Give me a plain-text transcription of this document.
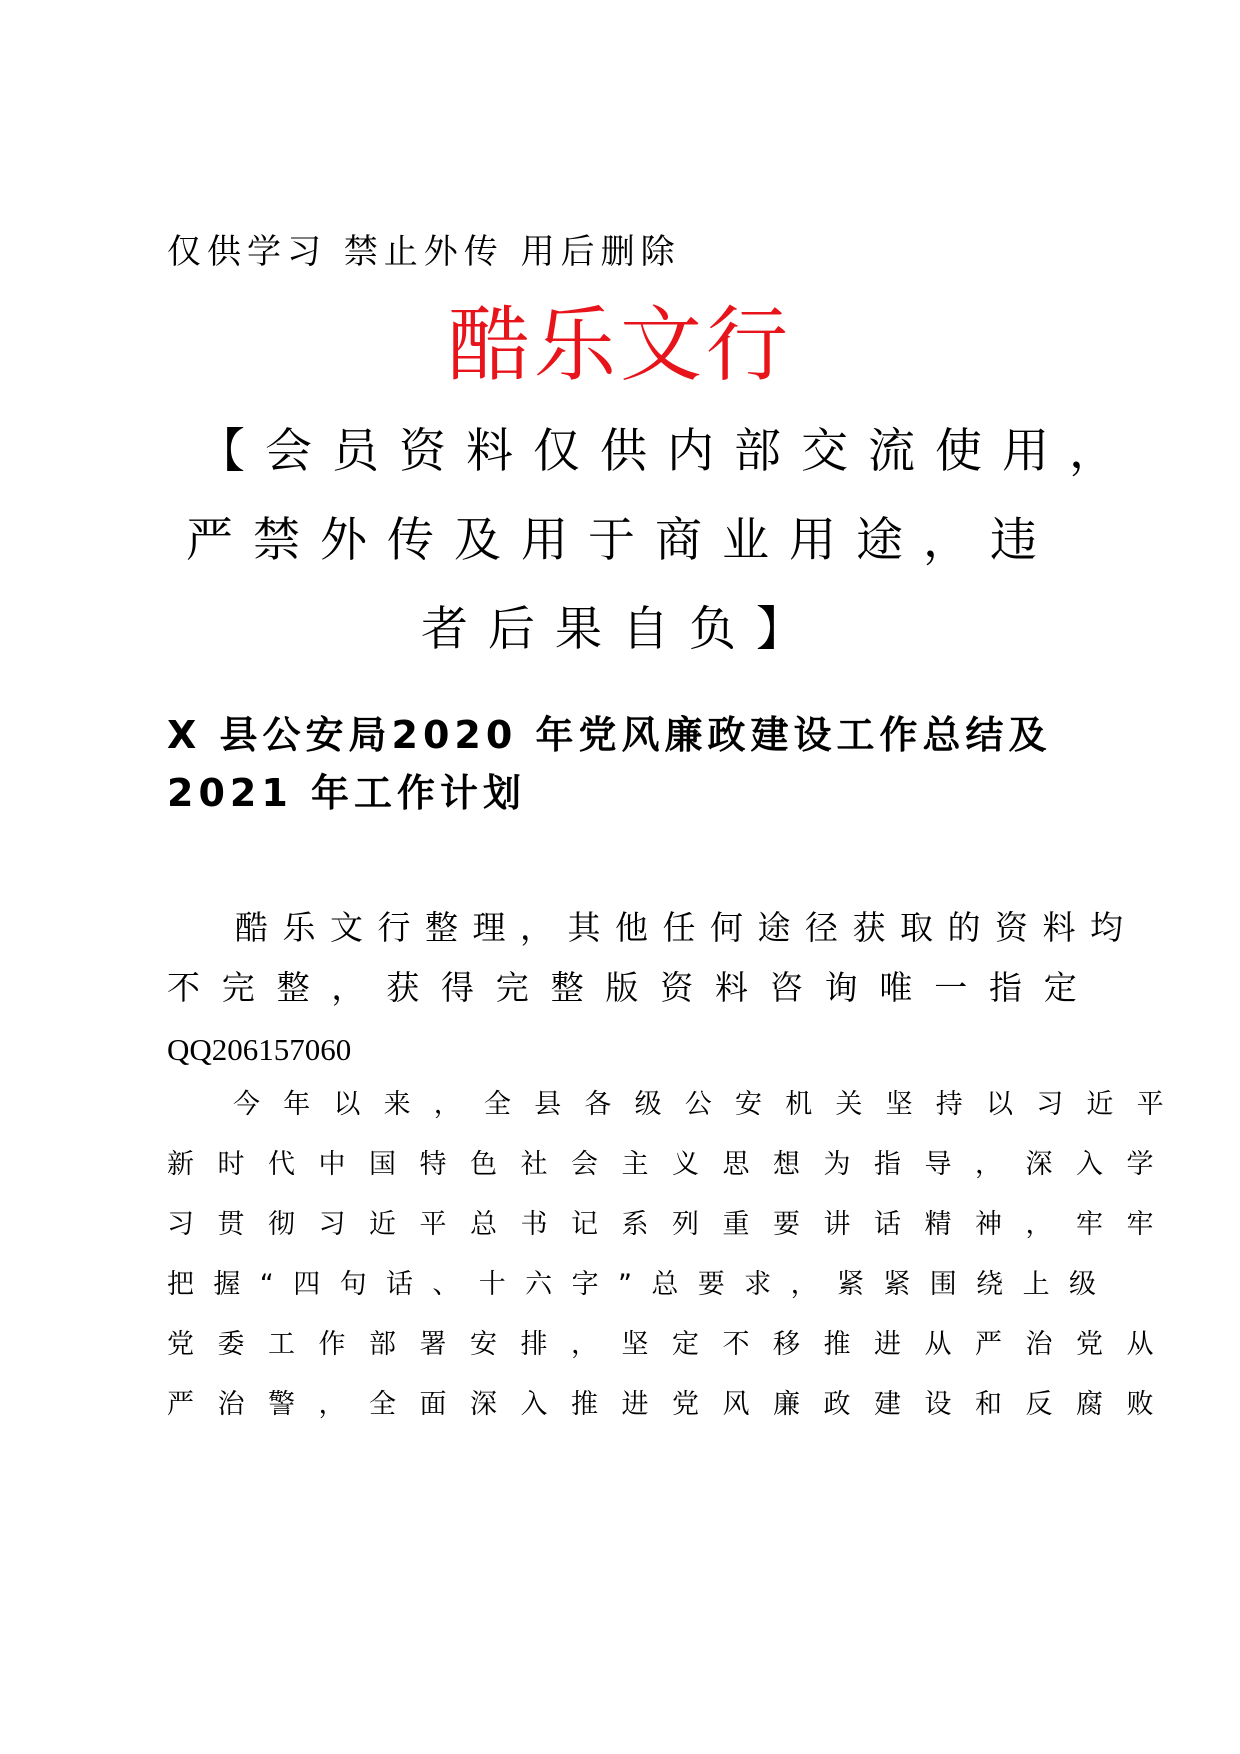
仅供学习 禁止外传 用后删除
酷乐文行
【会员资料仅供内部交流使用，
严禁外传及用于商业用途，违
者后果自负】
X 县公安局2020 年党风廉政建设工作总结及
2021 年工作计划
酷乐文行整理，其他任何途径获取的资料均
不完整，获得完整版资料咨询唯一指定
QQ206157060
今年以来，全县各级公安机关坚持以习近平
新时代中国特色社会主义思想为指导，深入学
习贯彻习近平总书记系列重要讲话精神，牢牢
把握“四句话、十六字”总要求，紧紧围绕上级
党委工作部署安排，坚定不移推进从严治党从
严治警，全面深入推进党风廉政建设和反腐败
